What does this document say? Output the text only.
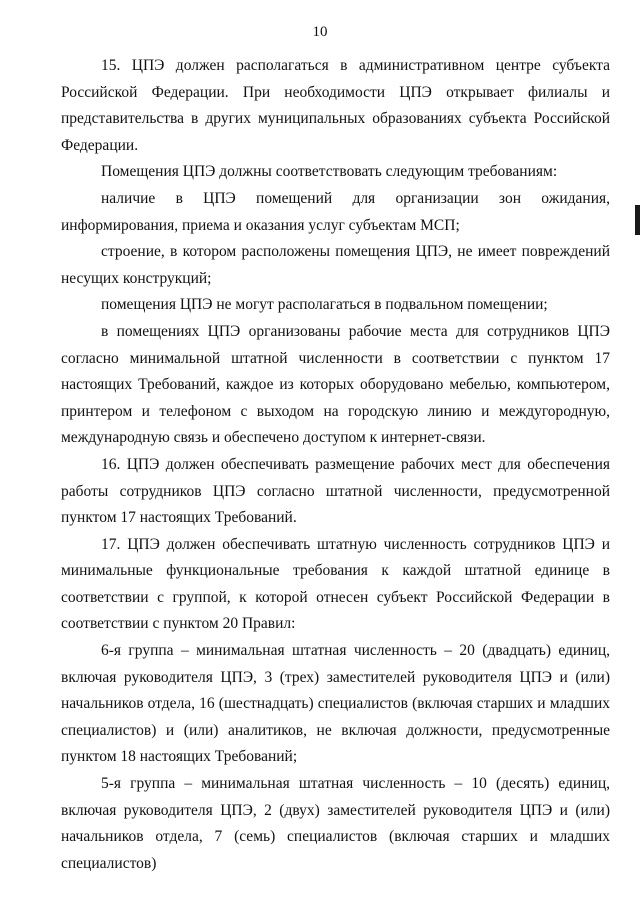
10

15. ЦПЭ должен располагаться в административном центре субъекта Российской Федерации. При необходимости ЦПЭ открывает филиалы и представительства в других муниципальных образованиях субъекта Российской Федерации.

Помещения ЦПЭ должны соответствовать следующим требованиям:

наличие в ЦПЭ помещений для организации зон ожидания, информирования, приема и оказания услуг субъектам МСП;

строение, в котором расположены помещения ЦПЭ, не имеет повреждений несущих конструкций;

помещения ЦПЭ не могут располагаться в подвальном помещении;

в помещениях ЦПЭ организованы рабочие места для сотрудников ЦПЭ согласно минимальной штатной численности в соответствии с пунктом 17 настоящих Требований, каждое из которых оборудовано мебелью, компьютером, принтером и телефоном с выходом на городскую линию и междугородную, международную связь и обеспечено доступом к интернет-связи.

16. ЦПЭ должен обеспечивать размещение рабочих мест для обеспечения работы сотрудников ЦПЭ согласно штатной численности, предусмотренной пунктом 17 настоящих Требований.

17. ЦПЭ должен обеспечивать штатную численность сотрудников ЦПЭ и минимальные функциональные требования к каждой штатной единице в соответствии с группой, к которой отнесен субъект Российской Федерации в соответствии с пунктом 20 Правил:

6-я группа – минимальная штатная численность – 20 (двадцать) единиц, включая руководителя ЦПЭ, 3 (трех) заместителей руководителя ЦПЭ и (или) начальников отдела, 16 (шестнадцать) специалистов (включая старших и младших специалистов) и (или) аналитиков, не включая должности, предусмотренные пунктом 18 настоящих Требований;

5-я группа – минимальная штатная численность – 10 (десять) единиц, включая руководителя ЦПЭ, 2 (двух) заместителей руководителя ЦПЭ и (или) начальников отдела, 7 (семь) специалистов (включая старших и младших специалистов)
